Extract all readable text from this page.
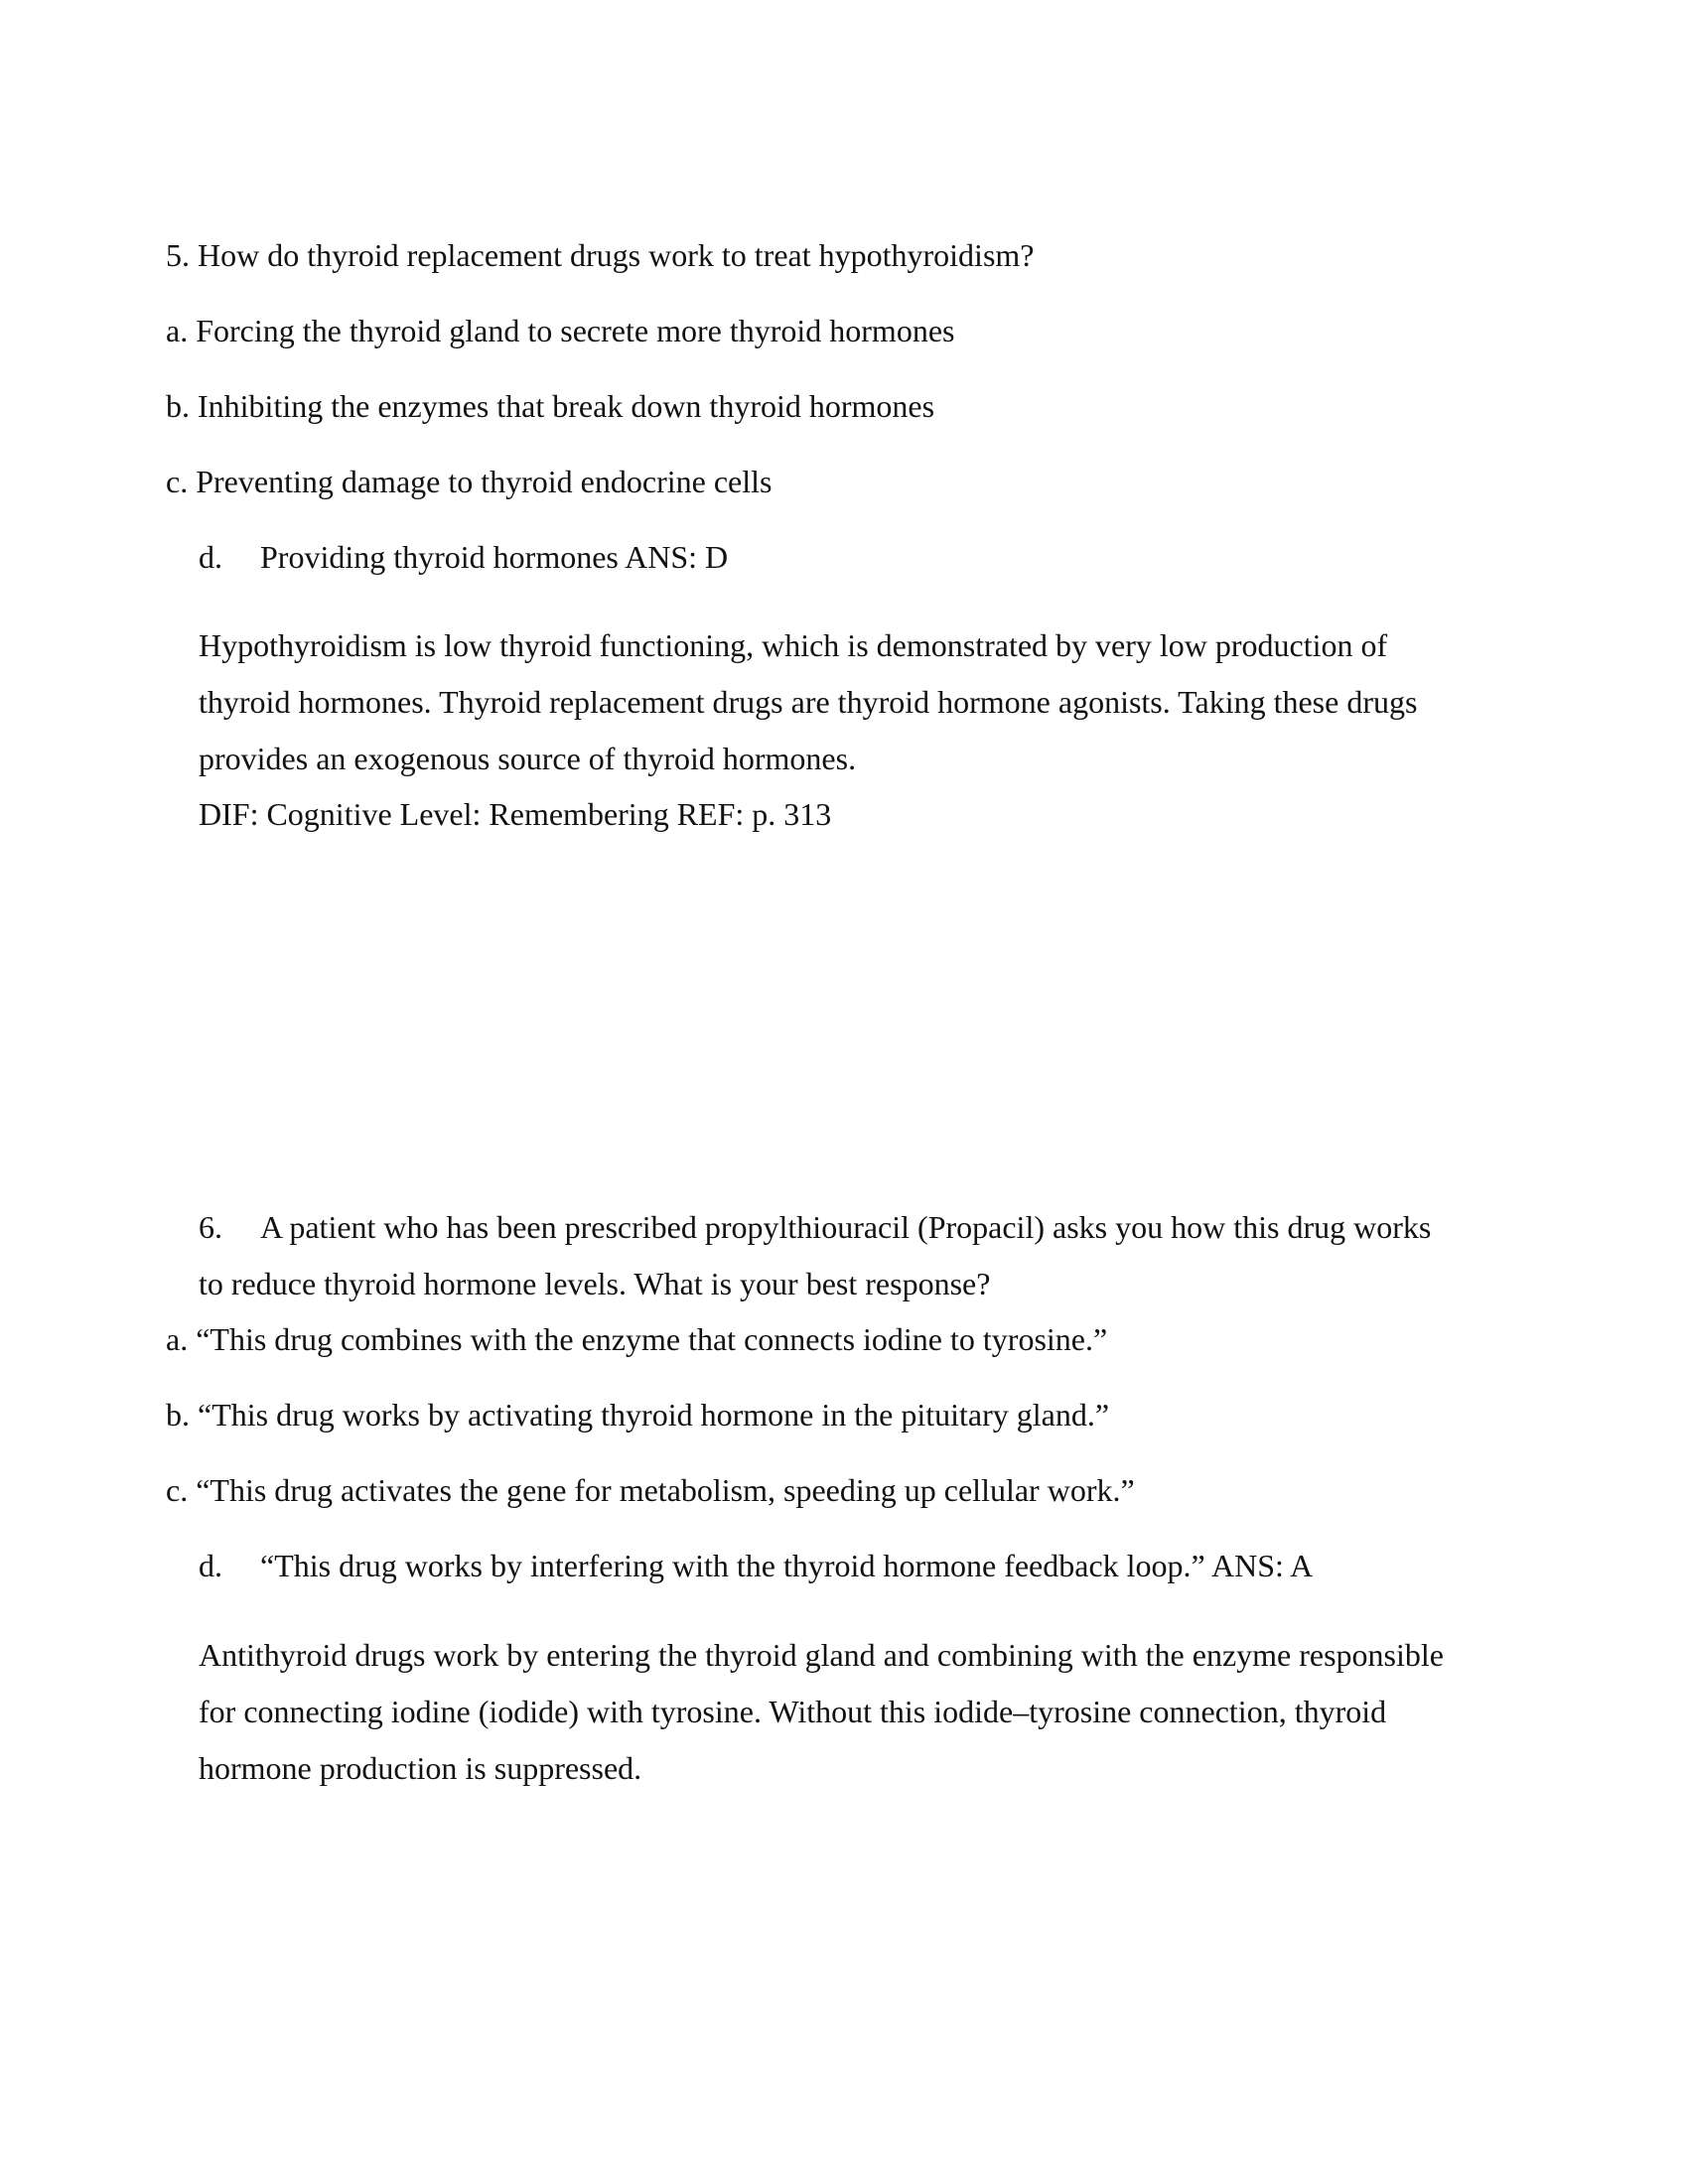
5. How do thyroid replacement drugs work to treat hypothyroidism?
a. Forcing the thyroid gland to secrete more thyroid hormones
b. Inhibiting the enzymes that break down thyroid hormones
c. Preventing damage to thyroid endocrine cells
d. Providing thyroid hormones ANS: D
Hypothyroidism is low thyroid functioning, which is demonstrated by very low production of
thyroid hormones. Thyroid replacement drugs are thyroid hormone agonists. Taking these drugs
provides an exogenous source of thyroid hormones.
DIF: Cognitive Level: Remembering REF: p. 313
6. A patient who has been prescribed propylthiouracil (Propacil) asks you how this drug works
to reduce thyroid hormone levels. What is your best response?
a. “This drug combines with the enzyme that connects iodine to tyrosine.”
b. “This drug works by activating thyroid hormone in the pituitary gland.”
c. “This drug activates the gene for metabolism, speeding up cellular work.”
d. “This drug works by interfering with the thyroid hormone feedback loop.” ANS: A
Antithyroid drugs work by entering the thyroid gland and combining with the enzyme responsible
for connecting iodine (iodide) with tyrosine. Without this iodide–tyrosine connection, thyroid
hormone production is suppressed.
